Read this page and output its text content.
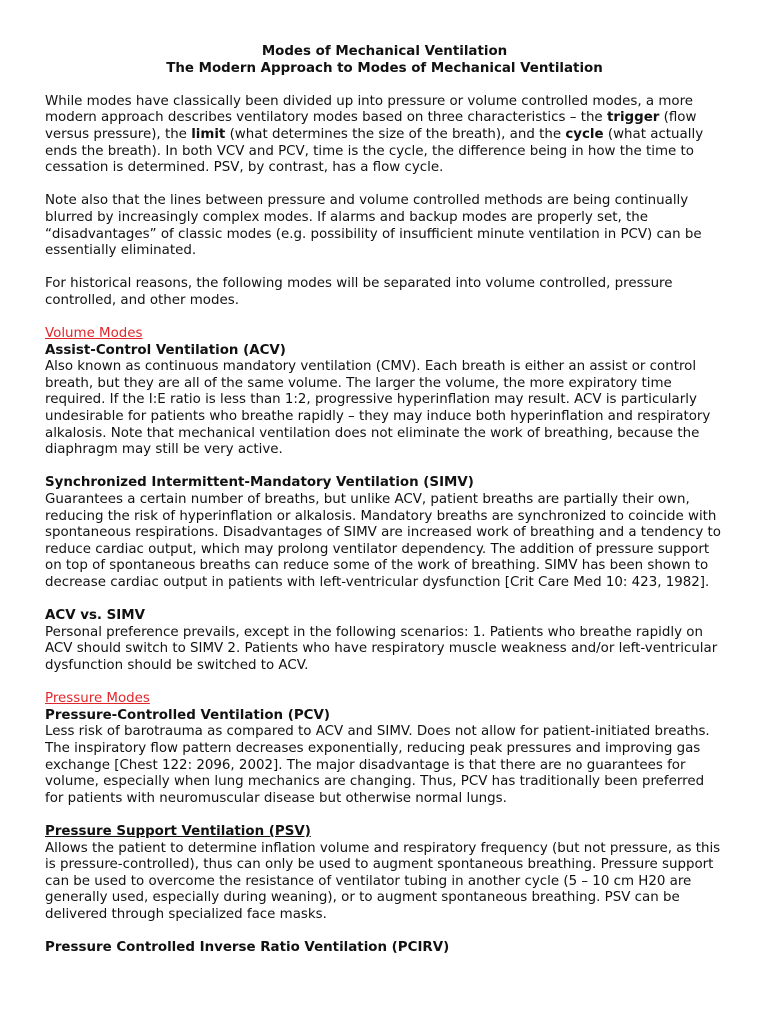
Modes of Mechanical Ventilation

The Modern Approach to Modes of Mechanical Ventilation

While modes have classically been divided up into pressure or volume controlled modes, a more modern approach describes ventilatory modes based on three characteristics – the trigger (flow versus pressure), the limit (what determines the size of the breath), and the cycle (what actually ends the breath). In both VCV and PCV, time is the cycle, the difference being in how the time to cessation is determined. PSV, by contrast, has a flow cycle.

Note also that the lines between pressure and volume controlled methods are being continually blurred by increasingly complex modes. If alarms and backup modes are properly set, the “disadvantages” of classic modes (e.g. possibility of insufficient minute ventilation in PCV) can be essentially eliminated.

For historical reasons, the following modes will be separated into volume controlled, pressure controlled, and other modes.

Volume Modes

Assist-Control Ventilation (ACV)

Also known as continuous mandatory ventilation (CMV). Each breath is either an assist or control breath, but they are all of the same volume. The larger the volume, the more expiratory time required. If the I:E ratio is less than 1:2, progressive hyperinflation may result. ACV is particularly undesirable for patients who breathe rapidly – they may induce both hyperinflation and respiratory alkalosis. Note that mechanical ventilation does not eliminate the work of breathing, because the diaphragm may still be very active.

Synchronized Intermittent-Mandatory Ventilation (SIMV)

Guarantees a certain number of breaths, but unlike ACV, patient breaths are partially their own, reducing the risk of hyperinflation or alkalosis. Mandatory breaths are synchronized to coincide with spontaneous respirations. Disadvantages of SIMV are increased work of breathing and a tendency to reduce cardiac output, which may prolong ventilator dependency. The addition of pressure support on top of spontaneous breaths can reduce some of the work of breathing. SIMV has been shown to decrease cardiac output in patients with left-ventricular dysfunction [Crit Care Med 10: 423, 1982].

ACV vs. SIMV

Personal preference prevails, except in the following scenarios: 1. Patients who breathe rapidly on ACV should switch to SIMV 2. Patients who have respiratory muscle weakness and/or left-ventricular dysfunction should be switched to ACV.

Pressure Modes

Pressure-Controlled Ventilation (PCV)

Less risk of barotrauma as compared to ACV and SIMV. Does not allow for patient-initiated breaths. The inspiratory flow pattern decreases exponentially, reducing peak pressures and improving gas exchange [Chest 122: 2096, 2002]. The major disadvantage is that there are no guarantees for volume, especially when lung mechanics are changing. Thus, PCV has traditionally been preferred for patients with neuromuscular disease but otherwise normal lungs.

Pressure Support Ventilation (PSV)

Allows the patient to determine inflation volume and respiratory frequency (but not pressure, as this is pressure-controlled), thus can only be used to augment spontaneous breathing. Pressure support can be used to overcome the resistance of ventilator tubing in another cycle (5 – 10 cm H20 are generally used, especially during weaning), or to augment spontaneous breathing. PSV can be delivered through specialized face masks.

Pressure Controlled Inverse Ratio Ventilation (PCIRV)
